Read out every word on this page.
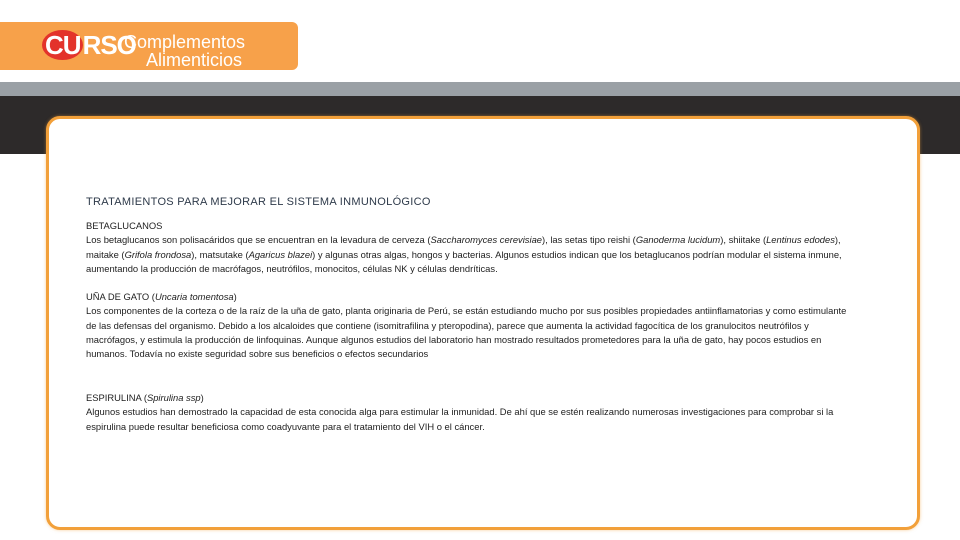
CURSO
Complementos
Alimenticios
TRATAMIENTOS PARA MEJORAR EL SISTEMA INMUNOLÓGICO

BETAGLUCANOS

Los betaglucanos son polisacáridos que se encuentran en la levadura de cerveza (Saccharomyces cerevisiae), las setas tipo reishi (Ganoderma lucidum), shiitake (Lentinus edodes), maitake (Grifola frondosa), matsutake (Agaricus blazei) y algunas otras algas, hongos y bacterias. Algunos estudios indican que los betaglucanos podrían modular el sistema inmune, aumentando la producción de macrófagos, neutrófilos, monocitos, células NK y células dendríticas.

UÑA DE GATO (Uncaria tomentosa)

Los componentes de la corteza o de la raíz de la uña de gato, planta originaria de Perú, se están estudiando mucho por sus posibles propiedades antiinflamatorias y como estimulante de las defensas del organismo. Debido a los alcaloides que contiene (isomitrafilina y pteropodina), parece que aumenta la actividad fagocítica de los granulocitos neutrófilos y macrófagos, y estimula la producción de linfoquinas. Aunque algunos estudios del laboratorio han mostrado resultados prometedores para la uña de gato, hay pocos estudios en humanos. Todavía no existe seguridad sobre sus beneficios o efectos secundarios

ESPIRULINA (Spirulina ssp)

Algunos estudios han demostrado la capacidad de esta conocida alga para estimular la inmunidad. De ahí que se estén realizando numerosas investigaciones para comprobar si la espirulina puede resultar beneficiosa como coadyuvante para el tratamiento del VIH o el cáncer.
